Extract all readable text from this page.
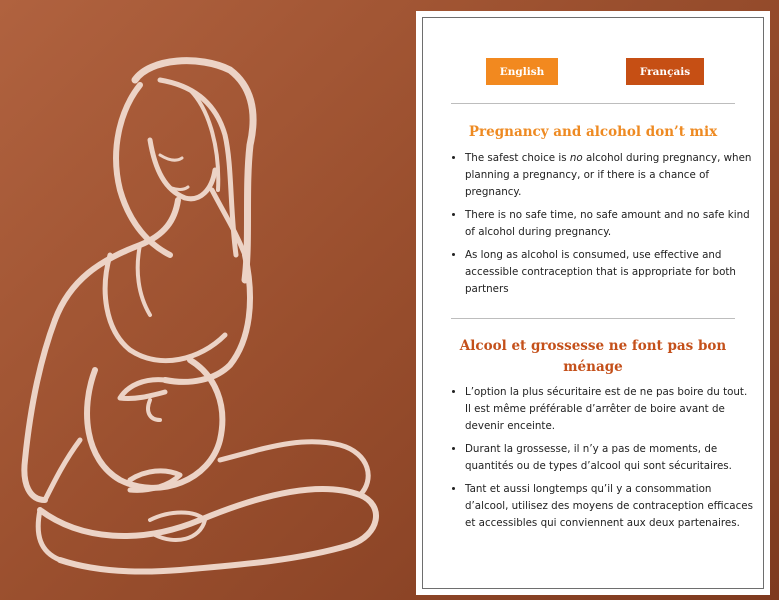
English	Français
Pregnancy and alcohol don’t mix
• The safest choice is no alcohol during pregnancy, when planning a pregnancy, or if there is a chance of pregnancy.
• There is no safe time, no safe amount and no safe kind of alcohol during pregnancy.
• As long as alcohol is consumed, use effective and accessible contraception that is appropriate for both partners
Alcool et grossesse ne font pas bon ménage
• L’option la plus sécuritaire est de ne pas boire du tout. Il est même préférable d’arrêter de boire avant de devenir enceinte.
• Durant la grossesse, il n’y a pas de moments, de quantités ou de types d’alcool qui sont sécuritaires.
• Tant et aussi longtemps qu’il y a consommation d’alcool, utilisez des moyens de contraception efficaces et accessibles qui conviennent aux deux partenaires.
